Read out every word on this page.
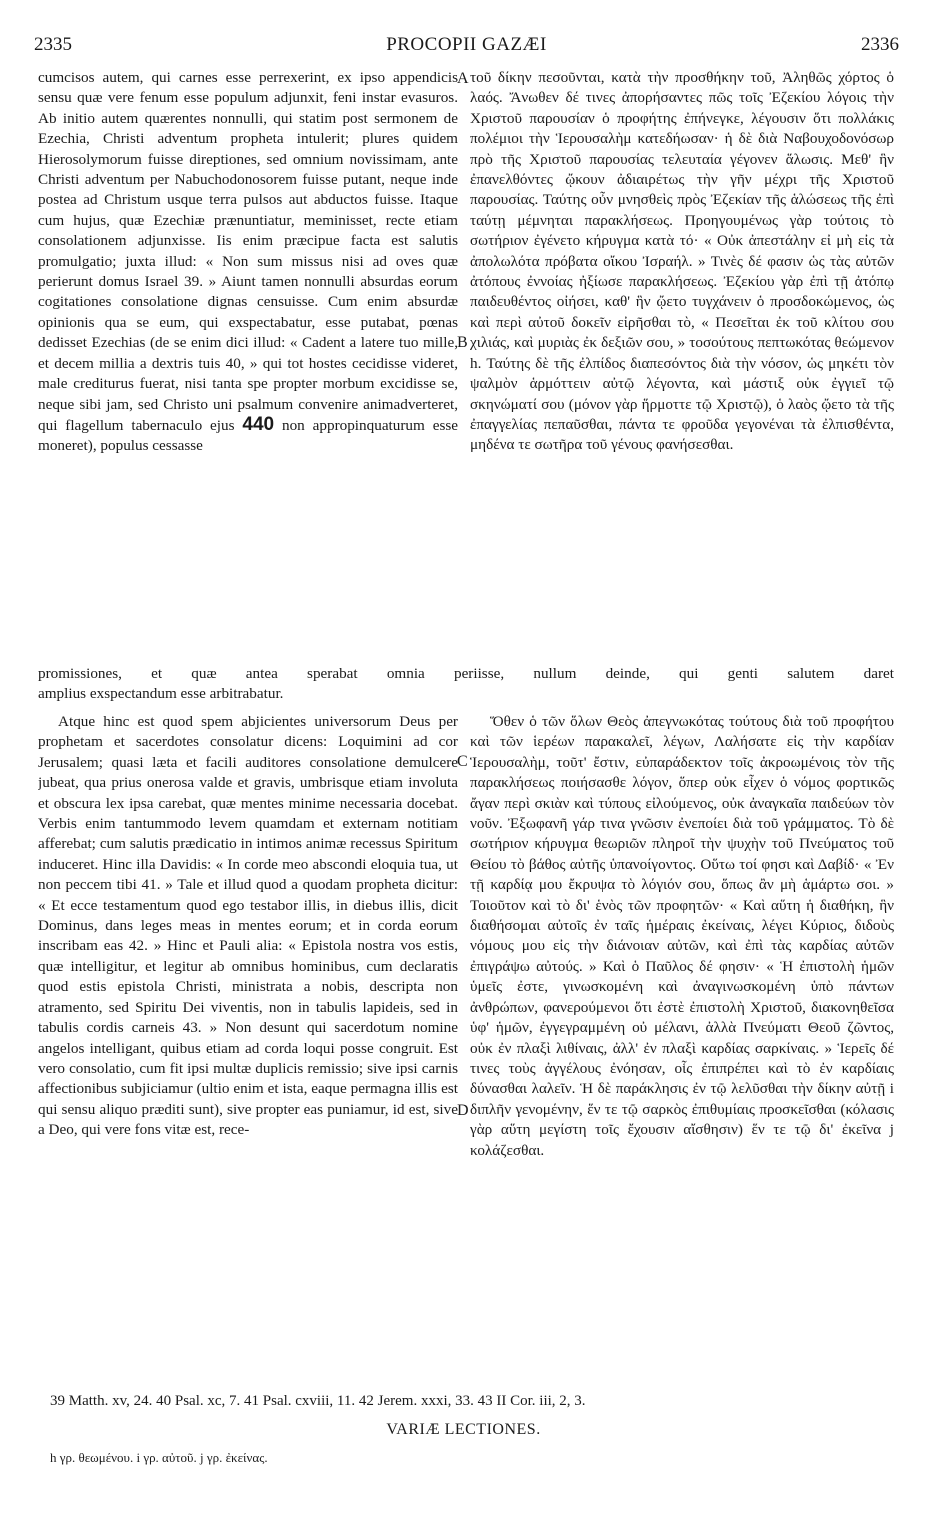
2335	PROCOPII GAZÆI	2336

cumcisos autem, qui carnes esse perrexerint, ex ipso appendicis sensu quæ vere fenum esse populum adjunxit, feni instar evasuros. Ab initio autem quærentes nonnulli, qui statim post sermonem de Ezechia, Christi adventum propheta intulerit; plures quidem Hierosolymorum fuisse direptiones, sed omnium novissimam, ante Christi adventum per Nabuchodonosorem fuisse putant, neque inde postea ad Christum usque terra pulsos aut abductos fuisse. Itaque cum hujus, quæ Ezechiæ prænuntiatur, meminisset, recte etiam consolationem adjunxisse. Iis enim præcipue facta est salutis promulgatio; juxta illud: « Non sum missus nisi ad oves quæ perierunt domus Israel 39. » Aiunt tamen nonnulli absurdas eorum cogitationes consolatione dignas censuisse. Cum enim absurdæ opinionis qua se eum, qui exspectabatur, esse putabat, pœnas dedisset Ezechias (de se enim dici illud: « Cadent a latere tuo mille, et decem millia a dextris tuis 40, » qui tot hostes cecidisse videret, male crediturus fuerat, nisi tanta spe propter morbum excidisse se, neque sibi jam, sed Christo uni psalmum convenire animadverteret, qui flagellum tabernaculo ejus 440 non appropinquaturum esse moneret), populus cessasse

τοῦ δίκην πεσοῦνται, κατὰ τὴν προσθήκην τοῦ, Ἀληθῶς χόρτος ὁ λαός. Ἄνωθεν δέ τινες ἀπορήσαντες πῶς τοῖς Ἐζεκίου λόγοις τὴν Χριστοῦ παρουσίαν ὁ προφήτης ἐπήνεγκε, λέγουσιν ὅτι πολλάκις πολέμιοι τὴν Ἱερουσαλὴμ κατεδήωσαν· ἡ δὲ διὰ Ναβουχοδονόσωρ πρὸ τῆς Χριστοῦ παρουσίας τελευταία γέγονεν ἅλωσις. Μεθ' ἣν ἐπανελθόντες ᾤκουν ἀδιαιρέτως τὴν γῆν μέχρι τῆς Χριστοῦ παρουσίας. Ταύτης οὖν μνησθεὶς πρὸς Ἐζεκίαν τῆς ἁλώσεως τῆς ἐπὶ ταύτῃ μέμνηται παρακλήσεως. Προηγουμένως γὰρ τούτοις τὸ σωτήριον ἐγένετο κήρυγμα κατὰ τό· « Οὐκ ἀπεστάλην εἰ μὴ εἰς τὰ ἀπολωλότα πρόβατα οἴκου Ἰσραήλ. » Τινὲς δέ φασιν ὡς τὰς αὐτῶν ἀτόπους ἐννοίας ἠξίωσε παρακλήσεως. Ἐζεκίου γὰρ ἐπὶ τῇ ἀτόπῳ παιδευθέντος οἰήσει, καθ' ἣν ᾤετο τυγχάνειν ὁ προσδοκώμενος, ὡς καὶ περὶ αὐτοῦ δοκεῖν εἰρῆσθαι τὸ, « Πεσεῖται ἐκ τοῦ κλίτου σου χιλιάς, καὶ μυριὰς ἐκ δεξιῶν σου, » τοσούτους πεπτωκότας θεώμενον h. Ταύτης δὲ τῆς ἐλπίδος διαπεσόντος διὰ τὴν νόσον, ὡς μηκέτι τὸν ψαλμὸν ἁρμόττειν αὐτῷ λέγοντα, καὶ μάστιξ οὐκ ἐγγιεῖ τῷ σκηνώματί σου (μόνον γὰρ ἥρμοττε τῷ Χριστῷ), ὁ λαὸς ᾤετο τὰ τῆς ἐπαγγελίας πεπαῦσθαι, πάντα τε φροῦδα γεγονέναι τὰ ἐλπισθέντα, μηδένα τε σωτῆρα τοῦ γένους φανήσεσθαι.

A
B
C
D
promissiones, et quæ antea sperabat omnia periisse, nullum deinde, qui genti salutem daret
amplius exspectandum esse arbitrabatur.

Atque hinc est quod spem abjicientes universorum Deus per prophetam et sacerdotes consolatur dicens: Loquimini ad cor Jerusalem; quasi læta et facili auditores consolatione demulcere jubeat, qua prius onerosa valde et gravis, umbrisque etiam involuta et obscura lex ipsa carebat, quæ mentes minime necessaria docebat. Verbis enim tantummodo levem quamdam et externam notitiam afferebat; cum salutis prædicatio in intimos animæ recessus Spiritum induceret. Hinc illa Davidis: « In corde meo abscondi eloquia tua, ut non peccem tibi 41. » Tale et illud quod a quodam propheta dicitur: « Et ecce testamentum quod ego testabor illis, in diebus illis, dicit Dominus, dans leges meas in mentes eorum; et in corda eorum inscribam eas 42. » Hinc et Pauli alia: « Epistola nostra vos estis, quæ intelligitur, et legitur ab omnibus hominibus, cum declaratis quod estis epistola Christi, ministrata a nobis, descripta non atramento, sed Spiritu Dei viventis, non in tabulis lapideis, sed in tabulis cordis carneis 43. » Non desunt qui sacerdotum nomine angelos intelligant, quibus etiam ad corda loqui posse congruit. Est vero consolatio, cum fit ipsi multæ duplicis remissio; sive ipsi carnis affectionibus subjiciamur (ultio enim et ista, eaque permagna illis est qui sensu aliquo præditi sunt), sive propter eas puniamur, id est, sive a Deo, qui vere fons vitæ est, rece-

Ὅθεν ὁ τῶν ὅλων Θεὸς ἀπεγνωκότας τούτους διὰ τοῦ προφήτου καὶ τῶν ἱερέων παρακαλεῖ, λέγων, Λαλήσατε εἰς τὴν καρδίαν Ἱερουσαλὴμ, τοῦτ' ἔστιν, εὐπαράδεκτον τοῖς ἀκροωμένοις τὸν τῆς παρακλήσεως ποιήσασθε λόγον, ὅπερ οὐκ εἶχεν ὁ νόμος φορτικῶς ἄγαν περὶ σκιὰν καὶ τύπους εἰλούμενος, οὐκ ἀναγκαῖα παιδεύων τὸν νοῦν. Ἐξωφανῆ γάρ τινα γνῶσιν ἐνεποίει διὰ τοῦ γράμματος. Τὸ δὲ σωτήριον κήρυγμα θεωριῶν πληροῖ τὴν ψυχὴν τοῦ Πνεύματος τοῦ Θείου τὸ βάθος αὐτῆς ὑπανοίγοντος. Οὕτω τοί φησι καὶ Δαβίδ· « Ἐν τῇ καρδίᾳ μου ἔκρυψα τὸ λόγιόν σου, ὅπως ἂν μὴ ἁμάρτω σοι. » Τοιοῦτον καὶ τὸ δι' ἑνὸς τῶν προφητῶν· « Καὶ αὕτη ἡ διαθήκη, ἣν διαθήσομαι αὐτοῖς ἐν ταῖς ἡμέραις ἐκείναις, λέγει Κύριος, διδοὺς νόμους μου εἰς τὴν διάνοιαν αὐτῶν, καὶ ἐπὶ τὰς καρδίας αὐτῶν ἐπιγράψω αὐτούς. » Καὶ ὁ Παῦλος δέ φησιν· « Ἡ ἐπιστολὴ ἡμῶν ὑμεῖς ἐστε, γινωσκομένη καὶ ἀναγινωσκομένη ὑπὸ πάντων ἀνθρώπων, φανερούμενοι ὅτι ἐστὲ ἐπιστολὴ Χριστοῦ, διακονηθεῖσα ὑφ' ἡμῶν, ἐγγεγραμμένη οὐ μέλανι, ἀλλὰ Πνεύματι Θεοῦ ζῶντος, οὐκ ἐν πλαξὶ λιθίναις, ἀλλ' ἐν πλαξὶ καρδίας σαρκίναις. » Ἱερεῖς δέ τινες τοὺς ἀγγέλους ἐνόησαν, οἷς ἐπιπρέπει καὶ τὸ ἐν καρδίαις δύνασθαι λαλεῖν. Ἡ δὲ παράκλησις ἐν τῷ λελῦσθαι τὴν δίκην αὐτῇ i διπλῆν γενομένην, ἕν τε τῷ σαρκὸς ἐπιθυμίαις προσκεῖσθαι (κόλασις γὰρ αὕτη μεγίστη τοῖς ἔχουσιν αἴσθησιν) ἕν τε τῷ δι' ἐκεῖνα j κολάζεσθαι.

39 Matth. xv, 24. 40 Psal. xc, 7. 41 Psal. cxviii, 11. 42 Jerem. xxxi, 33. 43 II Cor. iii, 2, 3.
VARIÆ LECTIONES.
h γρ. θεωμένου. i γρ. αὐτοῦ. j γρ. ἐκείνας.
